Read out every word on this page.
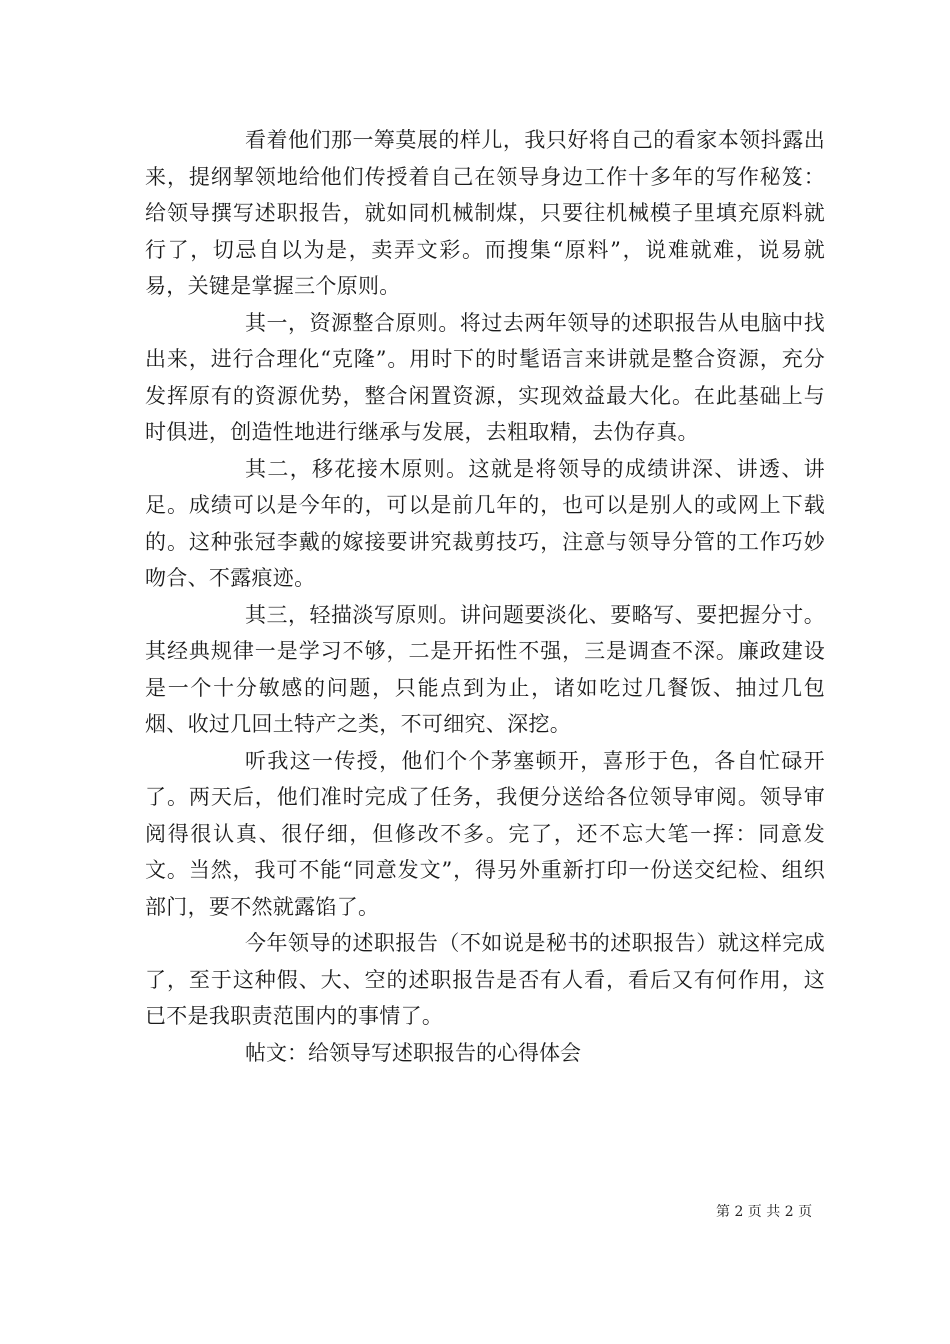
看着他们那一筹莫展的样儿，我只好将自己的看家本领抖露出来，提纲挈领地给他们传授着自己在领导身边工作十多年的写作秘笈：给领导撰写述职报告，就如同机械制煤，只要往机械模子里填充原料就行了，切忌自以为是，卖弄文彩。而搜集“原料”，说难就难，说易就易，关键是掌握三个原则。

其一，资源整合原则。将过去两年领导的述职报告从电脑中找出来，进行合理化“克隆”。用时下的时髦语言来讲就是整合资源，充分发挥原有的资源优势，整合闲置资源，实现效益最大化。在此基础上与时俱进，创造性地进行继承与发展，去粗取精，去伪存真。

其二，移花接木原则。这就是将领导的成绩讲深、讲透、讲足。成绩可以是今年的，可以是前几年的，也可以是别人的或网上下载的。这种张冠李戴的嫁接要讲究裁剪技巧，注意与领导分管的工作巧妙吻合、不露痕迹。

其三，轻描淡写原则。讲问题要淡化、要略写、要把握分寸。其经典规律一是学习不够，二是开拓性不强，三是调查不深。廉政建设是一个十分敏感的问题，只能点到为止，诸如吃过几餐饭、抽过几包烟、收过几回土特产之类，不可细究、深挖。

听我这一传授，他们个个茅塞顿开，喜形于色，各自忙碌开了。两天后，他们准时完成了任务，我便分送给各位领导审阅。领导审阅得很认真、很仔细，但修改不多。完了，还不忘大笔一挥：同意发文。当然，我可不能“同意发文”，得另外重新打印一份送交纪检、组织部门，要不然就露馅了。

今年领导的述职报告（不如说是秘书的述职报告）就这样完成了，至于这种假、大、空的述职报告是否有人看，看后又有何作用，这已不是我职责范围内的事情了。

帖文：给领导写述职报告的心得体会

第 2 页 共 2 页
